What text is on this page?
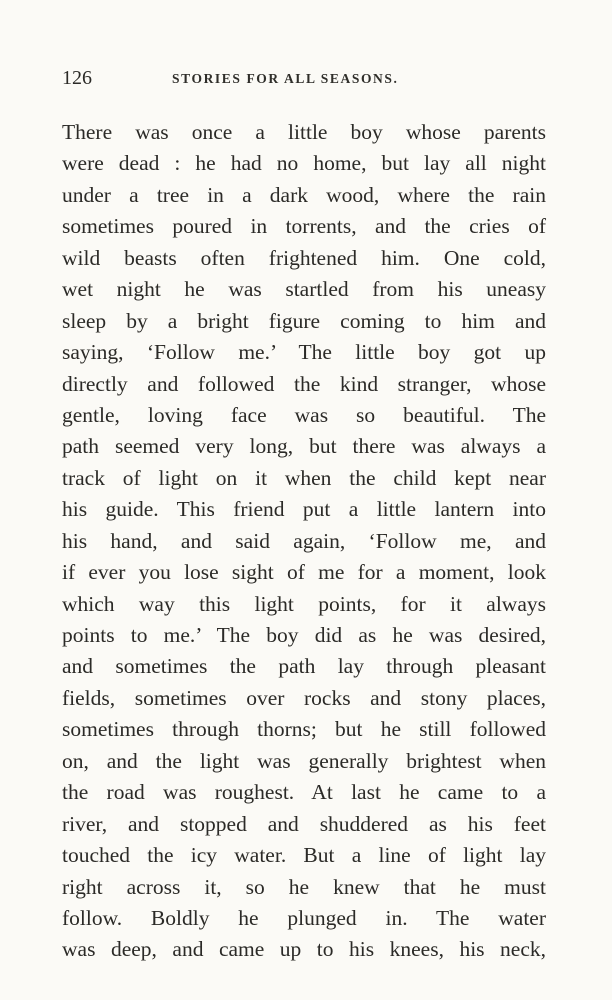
126	STORIES FOR ALL SEASONS.
There was once a little boy whose parents
were dead : he had no home, but lay all night
under a tree in a dark wood, where the rain
sometimes poured in torrents, and the cries of
wild beasts often frightened him. One cold,
wet night he was startled from his uneasy
sleep by a bright figure coming to him and
saying, ‘Follow me.’ The little boy got up
directly and followed the kind stranger, whose
gentle, loving face was so beautiful. The
path seemed very long, but there was always a
track of light on it when the child kept near
his guide. This friend put a little lantern into
his hand, and said again, ‘Follow me, and
if ever you lose sight of me for a moment, look
which way this light points, for it always
points to me.’ The boy did as he was desired,
and sometimes the path lay through pleasant
fields, sometimes over rocks and stony places,
sometimes through thorns; but he still followed
on, and the light was generally brightest when
the road was roughest. At last he came to a
river, and stopped and shuddered as his feet
touched the icy water. But a line of light lay
right across it, so he knew that he must
follow. Boldly he plunged in. The water
was deep, and came up to his knees, his neck,
